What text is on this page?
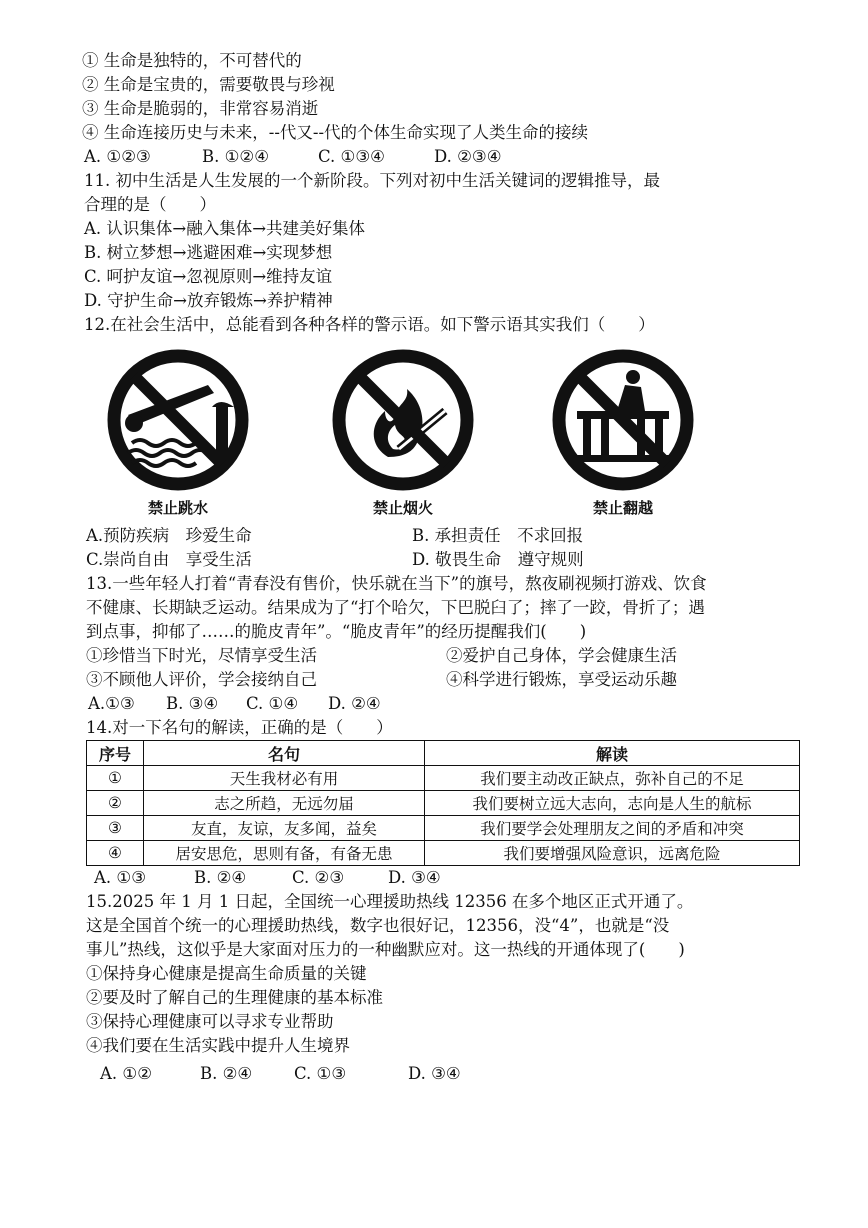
① 生命是独特的，不可替代的
② 生命是宝贵的，需要敬畏与珍视
③ 生命是脆弱的，非常容易消逝
④ 生命连接历史与未来，--代又--代的个体生命实现了人类生命的接续
A. ①②③	B. ①②④	C. ①③④	D. ②③④
11. 初中生活是人生发展的一个新阶段。下列对初中生活关键词的逻辑推导，最
合理的是（　　）
A. 认识集体→融入集体→共建美好集体
B. 树立梦想→逃避困难→实现梦想
C. 呵护友谊→忽视原则→维持友谊
D. 守护生命→放弃锻炼→养护精神
12.在社会生活中，总能看到各种各样的警示语。如下警示语其实我们（　　）
禁止跳水	禁止烟火	禁止翻越
A.预防疾病　珍爱生命	B. 承担责任　不求回报
C.崇尚自由　享受生活	D. 敬畏生命　遵守规则
13.一些年轻人打着“青春没有售价，快乐就在当下”的旗号，熬夜刷视频打游戏、饮食
不健康、长期缺乏运动。结果成为了“打个哈欠，下巴脱臼了；摔了一跤，骨折了；遇
到点事，抑郁了……的脆皮青年”。“脆皮青年”的经历提醒我们(　　)
①珍惜当下时光，尽情享受生活	②爱护自己身体，学会健康生活
③不顾他人评价，学会接纳自己	④科学进行锻炼，享受运动乐趣
A.①③ B. ③④ C. ①④ D. ②④
14.对一下名句的解读，正确的是（　　）
序号	名句	解读
①	天生我材必有用	我们要主动改正缺点，弥补自己的不足
②	志之所趋，无远勿届	我们要树立远大志向，志向是人生的航标
③	友直，友谅，友多闻，益矣	我们要学会处理朋友之间的矛盾和冲突
④	居安思危，思则有备，有备无患	我们要增强风险意识，远离危险
A. ①③	B. ②④	C. ②③	D. ③④
15.2025 年 1 月 1 日起，全国统一心理援助热线 12356 在多个地区正式开通了。
这是全国首个统一的心理援助热线，数字也很好记，12356，没“4”，也就是“没
事儿”热线，这似乎是大家面对压力的一种幽默应对。这一热线的开通体现了(　　)
①保持身心健康是提高生命质量的关键
②要及时了解自己的生理健康的基本标准
③保持心理健康可以寻求专业帮助
④我们要在生活实践中提升人生境界
A. ①②	B. ②④	C. ①③	D. ③④
